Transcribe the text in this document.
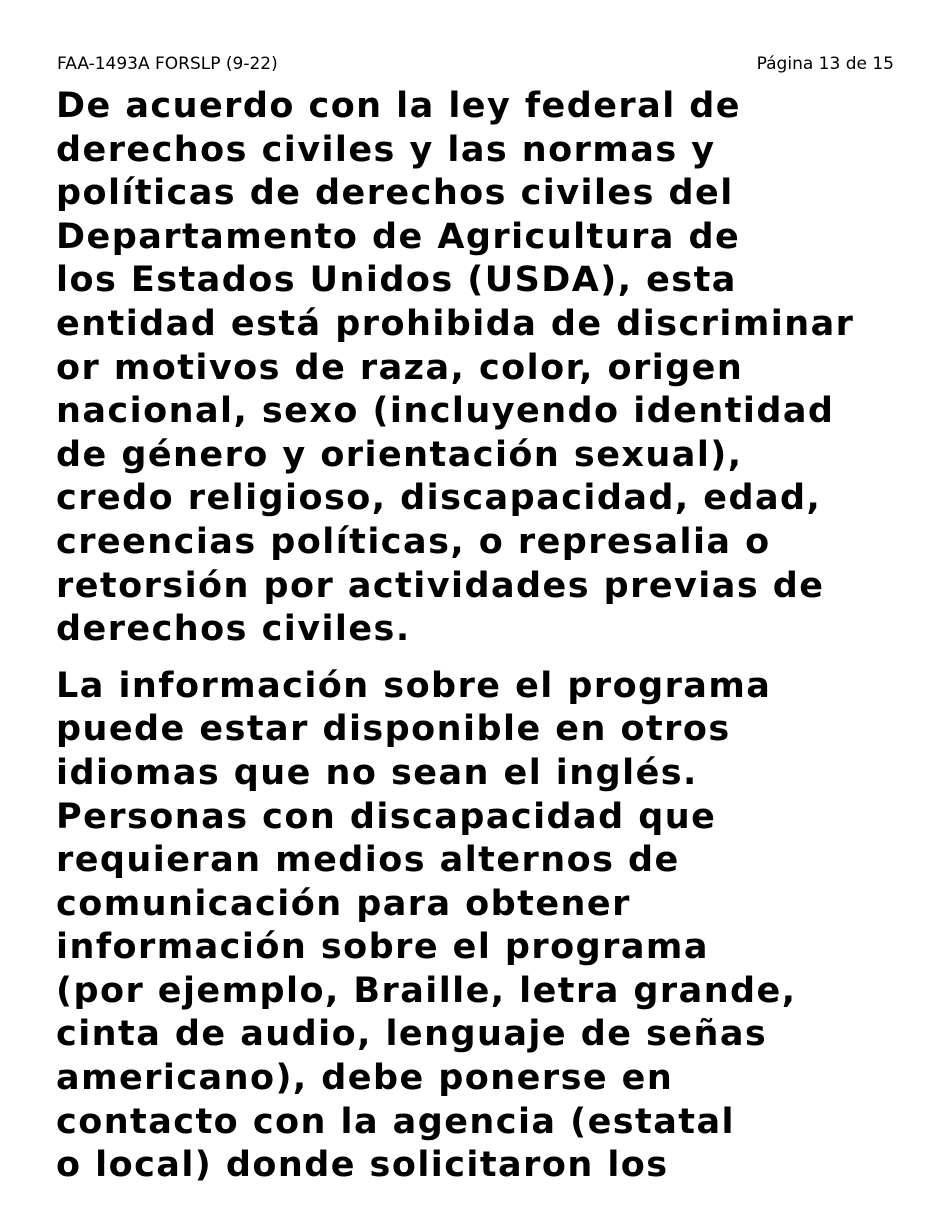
FAA-1493A FORSLP (9-22)	Página 13 de 15

De acuerdo con la ley federal de
derechos civiles y las normas y
políticas de derechos civiles del
Departamento de Agricultura de
los Estados Unidos (USDA), esta
entidad está prohibida de discriminar
or motivos de raza, color, origen
nacional, sexo (incluyendo identidad
de género y orientación sexual),
credo religioso, discapacidad, edad,
creencias políticas, o represalia o
retorsión por actividades previas de
derechos civiles.

La información sobre el programa
puede estar disponible en otros
idiomas que no sean el inglés.
Personas con discapacidad que
requieran medios alternos de
comunicación para obtener
información sobre el programa
(por ejemplo, Braille, letra grande,
cinta de audio, lenguaje de señas
americano), debe ponerse en
contacto con la agencia (estatal
o local) donde solicitaron los
